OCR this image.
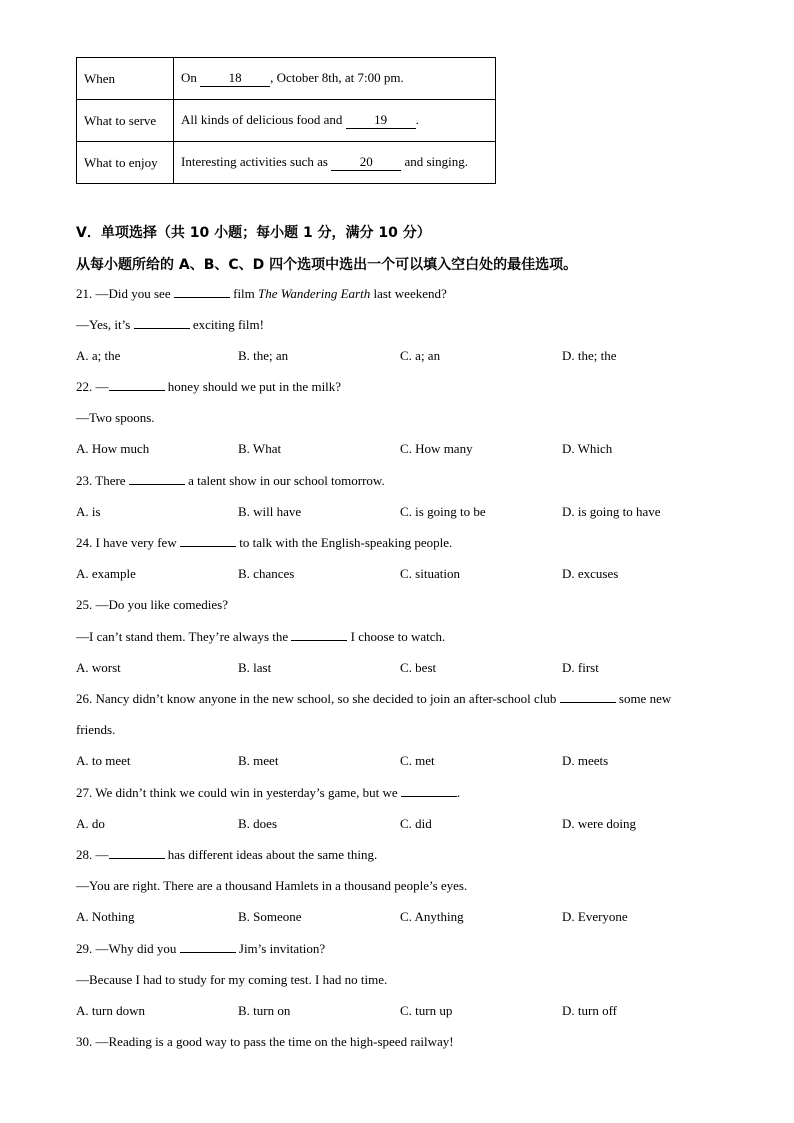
When	On 18 , October 8th, at 7:00 pm.
What to serve	All kinds of delicious food and 19 .
What to enjoy	Interesting activities such as 20 and singing.
Ⅴ．单项选择（共 10 小题；每小题 1 分，满分 10 分）
从每小题所给的 A、B、C、D 四个选项中选出一个可以填入空白处的最佳选项。
21. —Did you see	film The Wandering Earth last weekend?
—Yes, it’s	exciting film!
A. a; the	B. the; an	C. a; an	D. the; the
22. —	honey should we put in the milk?
—Two spoons.
A. How much	B. What	C. How many	D. Which
23. There	a talent show in our school tomorrow.
A. is	B. will have	C. is going to be	D. is going to have
24. I have very few	to talk with the English-speaking people.
A. example	B. chances	C. situation	D. excuses
25. —Do you like comedies?
—I can’t stand them. They’re always the	I choose to watch.
A. worst	B. last	C. best	D. first
26. Nancy didn’t know anyone in the new school, so she decided to join an after-school club	some new
friends.
A. to meet	B. meet	C. met	D. meets
27. We didn’t think we could win in yesterday’s game, but we	.
A. do	B. does	C. did	D. were doing
28. —	has different ideas about the same thing.
—You are right. There are a thousand Hamlets in a thousand people’s eyes.
A. Nothing	B. Someone	C. Anything	D. Everyone
29. —Why did you	Jim’s invitation?
—Because I had to study for my coming test. I had no time.
A. turn down	B. turn on	C. turn up	D. turn off
30. —Reading is a good way to pass the time on the high-speed railway!
